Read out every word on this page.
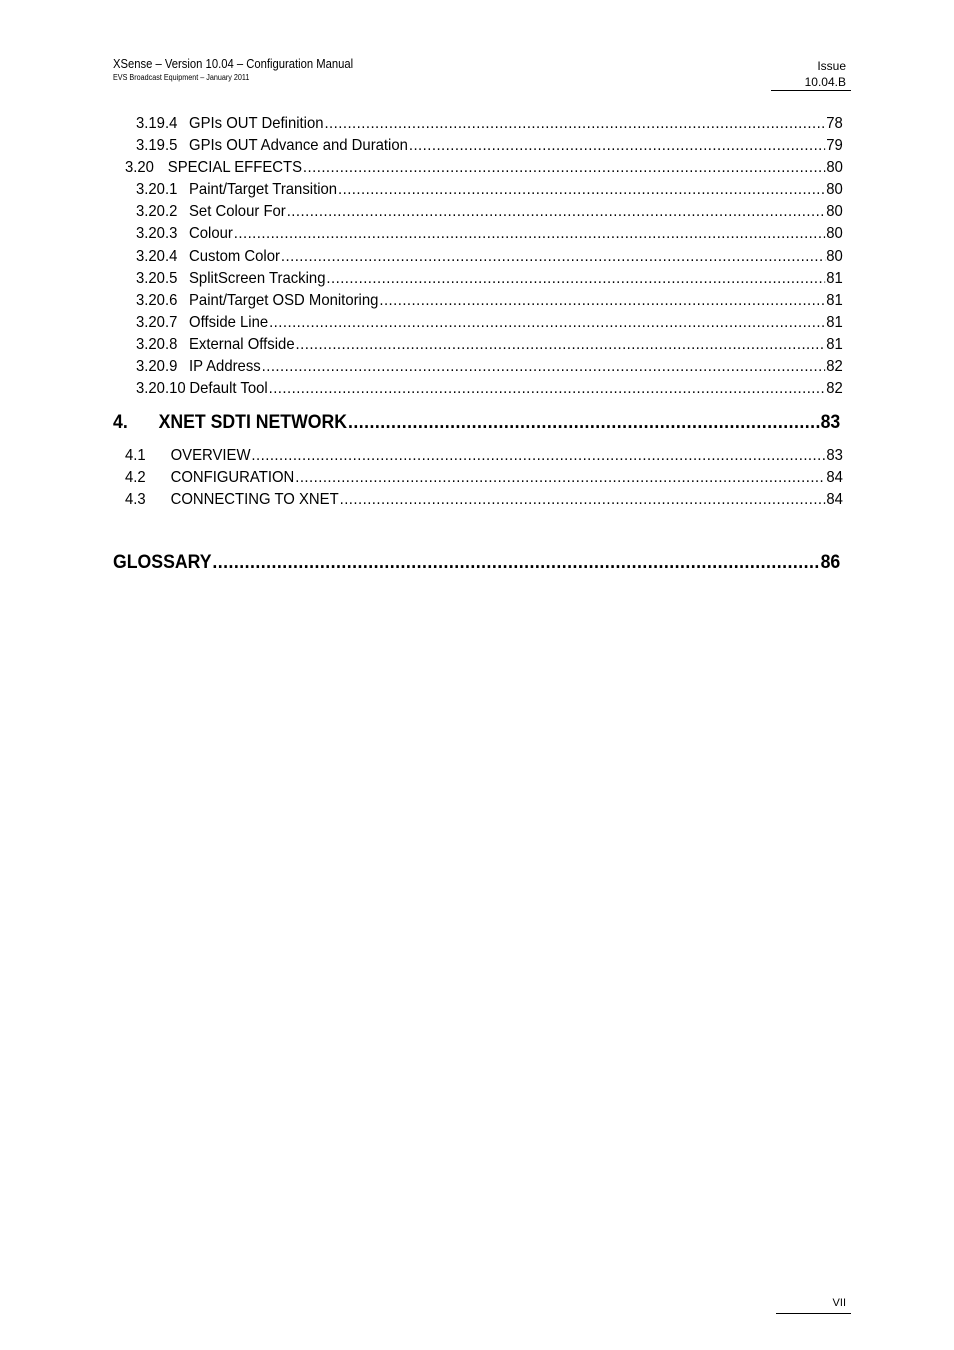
XSense – Version 10.04 – Configuration Manual
EVS Broadcast Equipment – January 2011
Issue
10.04.B
3.19.4 GPIs OUT Definition .....	78
3.19.5 GPIs OUT Advance and Duration .....	79
3.20 SPECIAL EFFECTS .....	80
3.20.1 Paint/Target Transition .....	80
3.20.2 Set Colour For .....	80
3.20.3 Colour .....	80
3.20.4 Custom Color .....	80
3.20.5 SplitScreen Tracking .....	81
3.20.6 Paint/Target OSD Monitoring .....	81
3.20.7 Offside Line .....	81
3.20.8 External Offside .....	81
3.20.9 IP Address .....	82
3.20.10 Default Tool .....	82
4.	XNET SDTI NETWORK .....	83
4.1	OVERVIEW .....	83
4.2	CONFIGURATION .....	84
4.3	CONNECTING TO XNET .....	84
GLOSSARY .....	86
VII
